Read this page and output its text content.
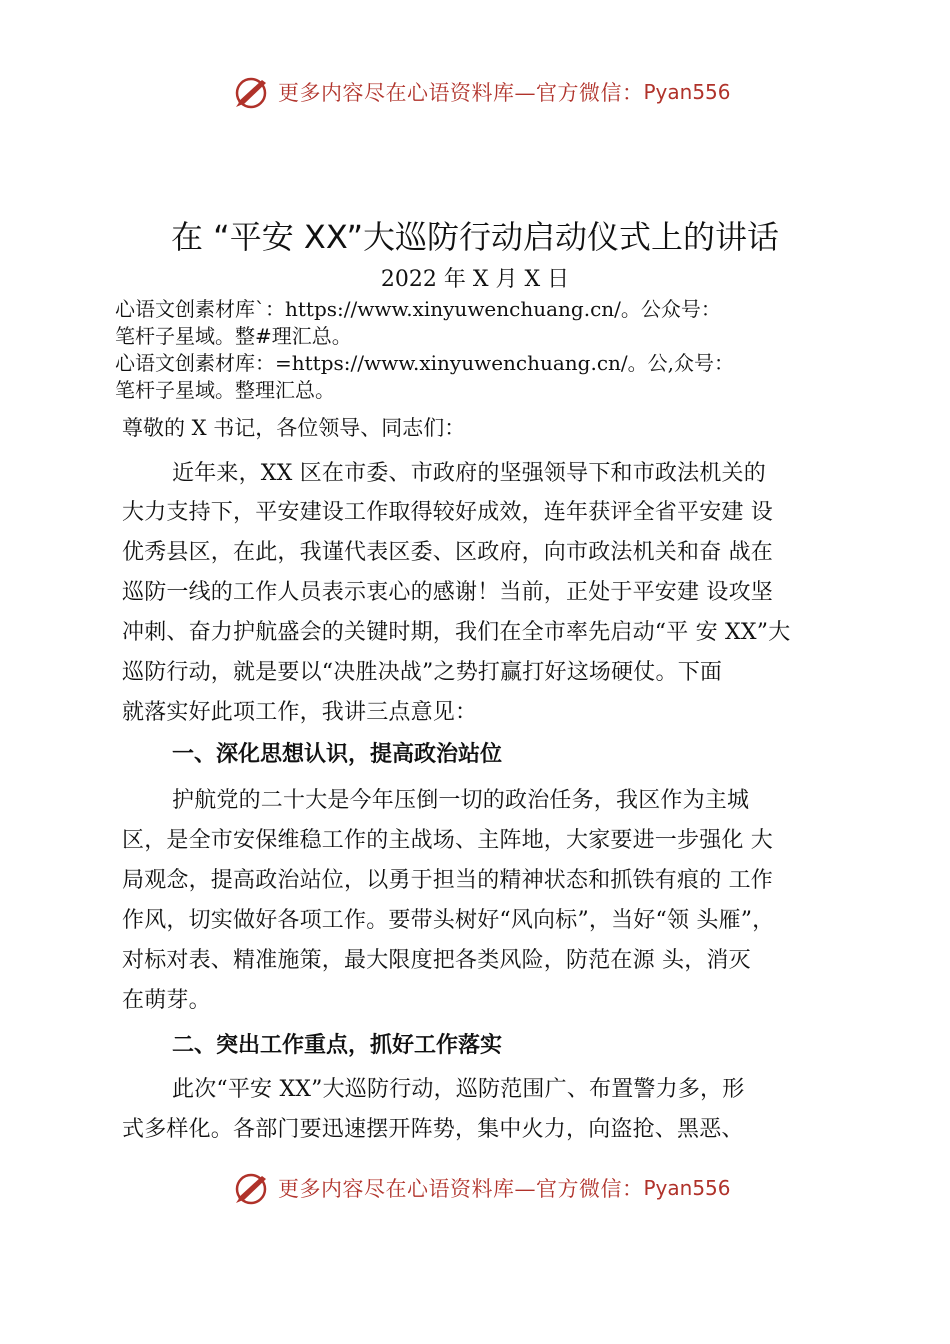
更多内容尽在心语资料库—官方微信： Pyan556
在 “平安 XX”大巡防行动启动仪式上的讲话
2022 年 X 月 X 日
心语文创素材库`：https://www.xinyuwenchuang.cn/。公众号：
笔杆子星域。整#理汇总。
心语文创素材库：=https://www.xinyuwenchuang.cn/。公,众号：
笔杆子星域。整理汇总。
尊敬的 X 书记，各位领导、同志们：
近年来，XX 区在市委、市政府的坚强领导下和市政法机关的
大力支持下，平安建设工作取得较好成效，连年获评全省平安建 设
优秀县区，在此，我谨代表区委、区政府，向市政法机关和奋 战在
巡防一线的工作人员表示衷心的感谢！当前，正处于平安建 设攻坚
冲刺、奋力护航盛会的关键时期，我们在全市率先启动“平 安 XX”大
巡防行动，就是要以“决胜决战”之势打赢打好这场硬仗。下面
就落实好此项工作，我讲三点意见：
一、深化思想认识，提高政治站位
护航党的二十大是今年压倒一切的政治任务，我区作为主城
区，是全市安保维稳工作的主战场、主阵地，大家要进一步强化 大
局观念，提高政治站位，以勇于担当的精神状态和抓铁有痕的 工作
作风，切实做好各项工作。要带头树好“风向标”，当好“领 头雁”，
对标对表、精准施策，最大限度把各类风险，防范在源 头，消灭
在萌芽。
二、突出工作重点，抓好工作落实
此次“平安 XX”大巡防行动，巡防范围广、布置警力多，形
式多样化。各部门要迅速摆开阵势，集中火力，向盗抢、黑恶、
更多内容尽在心语资料库—官方微信： Pyan556
